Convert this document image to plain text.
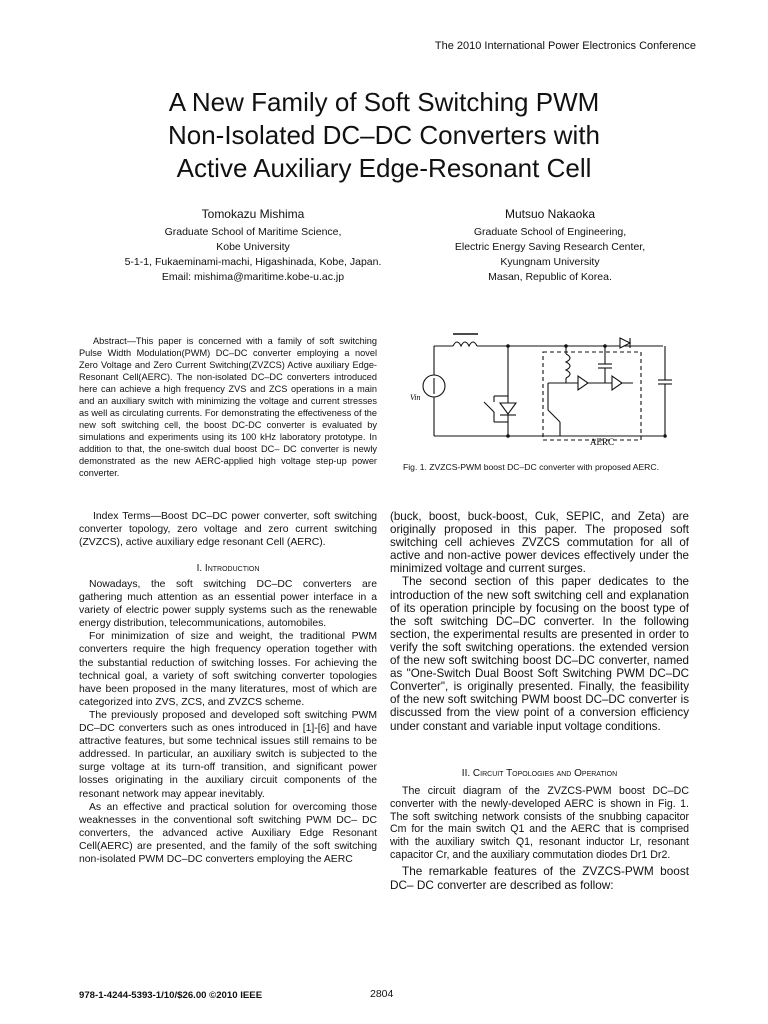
The 2010 International Power Electronics Conference
A New Family of Soft Switching PWM
Non-Isolated DC–DC Converters with
Active Auxiliary Edge-Resonant Cell
Tomokazu Mishima
Graduate School of Maritime Science,
Kobe University
5-1-1, Fukaeminami-machi, Higashinada, Kobe, Japan.
Email: mishima@maritime.kobe-u.ac.jp
Mutsuo Nakaoka
Graduate School of Engineering,
Electric Energy Saving Research Center,
Kyungnam University
Masan, Republic of Korea.

Abstract—This paper is concerned with a family of soft switching Pulse Width Modulation(PWM) DC–DC converter employing a novel Zero Voltage and Zero Current Switching(ZVZCS) Active auxiliary Edge-Resonant Cell(AERC). The non-isolated DC–DC converters introduced here can achieve a high frequency ZVS and ZCS operations in a main and an auxiliary switch with minimizing the voltage and current stresses as well as circulating currents. For demonstrating the effectiveness of the new soft switching cell, the boost DC-DC converter is evaluated by simulations and experiments using its 100 kHz laboratory prototype. In addition to that, the one-switch dual boost DC– DC converter is newly demonstrated as the new AERC-applied high voltage step-up power converter.

Index Terms—Boost DC–DC power converter, soft switching converter topology, zero voltage and zero current switching (ZVZCS), active auxiliary edge resonant Cell (AERC).

I. Introduction

Nowadays, the soft switching DC–DC converters are gathering much attention as an essential power interface in a variety of electric power supply systems such as the renewable energy distribution, telecommunications, automobiles.

For minimization of size and weight, the traditional PWM converters require the high frequency operation together with the substantial reduction of switching losses. For achieving the technical goal, a variety of soft switching converter topologies have been proposed in the many literatures, most of which are categorized into ZVS, ZCS, and ZVZCS scheme.

The previously proposed and developed soft switching PWM DC–DC converters such as ones introduced in [1]-[6] and have attractive features, but some technical issues still remains to be addressed. In particular, an auxiliary switch is subjected to the surge voltage at its turn-off transition, and significant power losses originating in the auxiliary circuit components of the resonant network may appear inevitably.

As an effective and practical solution for overcoming those weaknesses in the conventional soft switching PWM DC– DC converters, the advanced active Auxiliary Edge Resonant Cell(AERC) are presented, and the family of the soft switching non-isolated PWM DC–DC converters employing the AERC

Vin
AERC
Fig. 1. ZVZCS-PWM boost DC–DC converter with proposed AERC.

(buck, boost, buck-boost, Cuk, SEPIC, and Zeta) are originally proposed in this paper. The proposed soft switching cell achieves ZVZCS commutation for all of active and non-active power devices effectively under the minimized voltage and current surges.

The second section of this paper dedicates to the introduction of the new soft switching cell and explanation of its operation principle by focusing on the boost type of the soft switching DC–DC converter. In the following section, the experimental results are presented in order to verify the soft switching operations. the extended version of the new soft switching boost DC–DC converter, named as "One-Switch Dual Boost Soft Switching PWM DC–DC Converter", is originally presented. Finally, the feasibility of the new soft switching PWM boost DC–DC converter is discussed from the view point of a conversion efficiency under constant and variable input voltage conditions.

II. Circuit Topologies and Operation

The circuit diagram of the ZVZCS-PWM boost DC–DC converter with the newly-developed AERC is shown in Fig. 1. The soft switching network consists of the snubbing capacitor Cm for the main switch Q1 and the AERC that is comprised with the auxiliary switch Q1, resonant inductor Lr, resonant capacitor Cr, and the auxiliary commutation diodes Dr1 Dr2.

The remarkable features of the ZVZCS-PWM boost DC– DC converter are described as follow:

978-1-4244-5393-1/10/$26.00 ©2010 IEEE	2804
